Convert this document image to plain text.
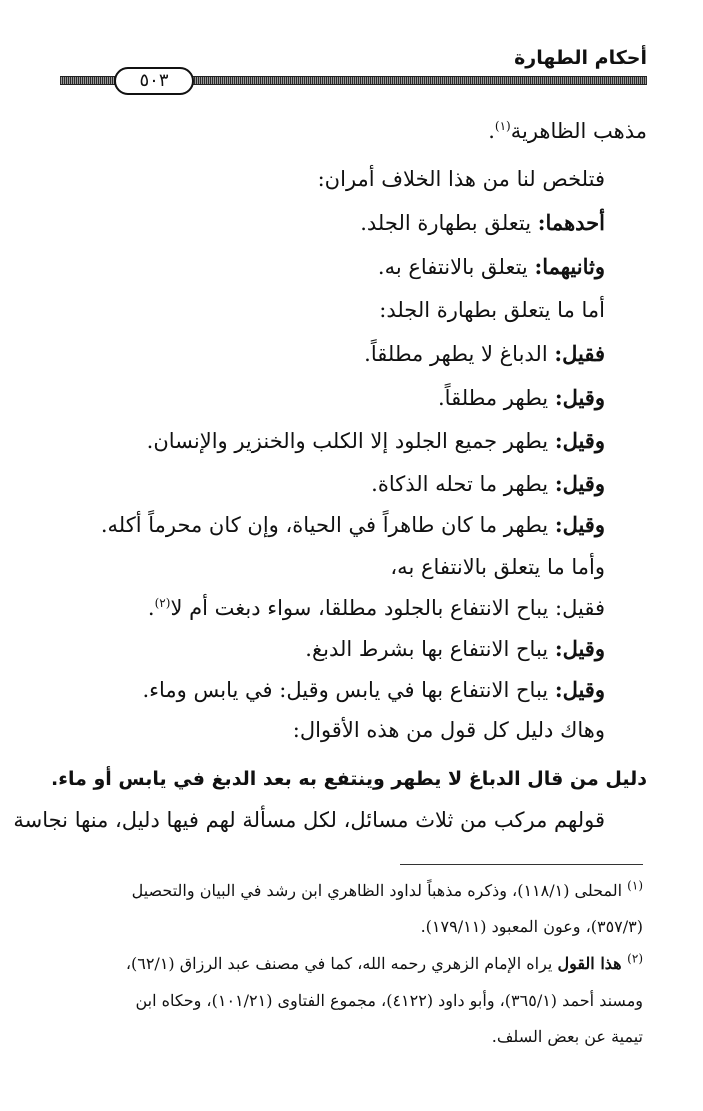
أحكام الطهارة
٥٠٣
مذهب الظاهرية$^{(١)}$.
فتلخص لنا من هذا الخلاف أمران:
أحدهما: يتعلق بطهارة الجلد.
وثانيهما: يتعلق بالانتفاع به.
أما ما يتعلق بطهارة الجلد:
فقيل: الدباغ لا يطهر مطلقاً.
وقيل: يطهر مطلقاً.
وقيل: يطهر جميع الجلود إلا الكلب والخنزير والإنسان.
وقيل: يطهر ما تحله الذكاة.
وقيل: يطهر ما كان طاهراً في الحياة، وإن كان محرماً أكله.
وأما ما يتعلق بالانتفاع به،
فقيل: يباح الانتفاع بالجلود مطلقا، سواء دبغت أم لا$^{(٢)}$.
وقيل: يباح الانتفاع بها بشرط الدبغ.
وقيل: يباح الانتفاع بها في يابس وقيل: في يابس وماء.
وهاك دليل كل قول من هذه الأقوال:
دليل من قال الدباغ لا يطهر وينتفع به بعد الدبغ في يابس أو ماء.
قولهم مركب من ثلاث مسائل، لكل مسألة لهم فيها دليل، منها نجاسة
$^{(١)}$ المحلى (١١٨/١)، وذكره مذهباً لداود الظاهري ابن رشد في البيان والتحصيل
(٣٥٧/٣)، وعون المعبود (١٧٩/١١).
$^{(٢)}$ هذا القول يراه الإمام الزهري رحمه الله، كما في مصنف عبد الرزاق (٦٢/١)،
ومسند أحمد (٣٦٥/١)، وأبو داود (٤١٢٢)، مجموع الفتاوى (١٠١/٢١)، وحكاه ابن
تيمية عن بعض السلف.
